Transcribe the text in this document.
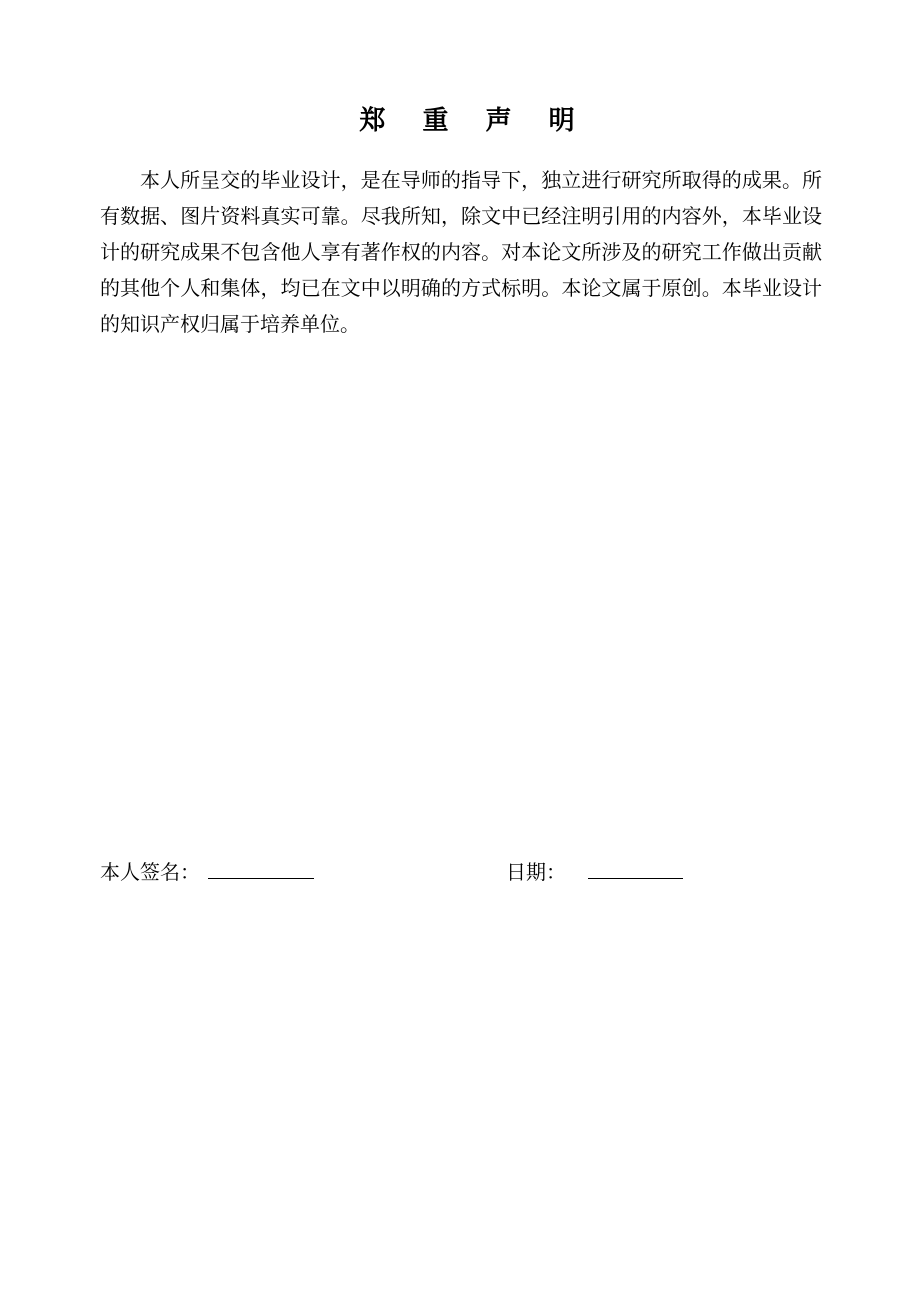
郑 重 声 明

本人所呈交的毕业设计，是在导师的指导下，独立进行研究所取得的成果。所有数据、图片资料真实可靠。尽我所知，除文中已经注明引用的内容外，本毕业设计的研究成果不包含他人享有著作权的内容。对本论文所涉及的研究工作做出贡献的其他个人和集体，均已在文中以明确的方式标明。本论文属于原创。本毕业设计的知识产权归属于培养单位。

本人签名：	日期：
